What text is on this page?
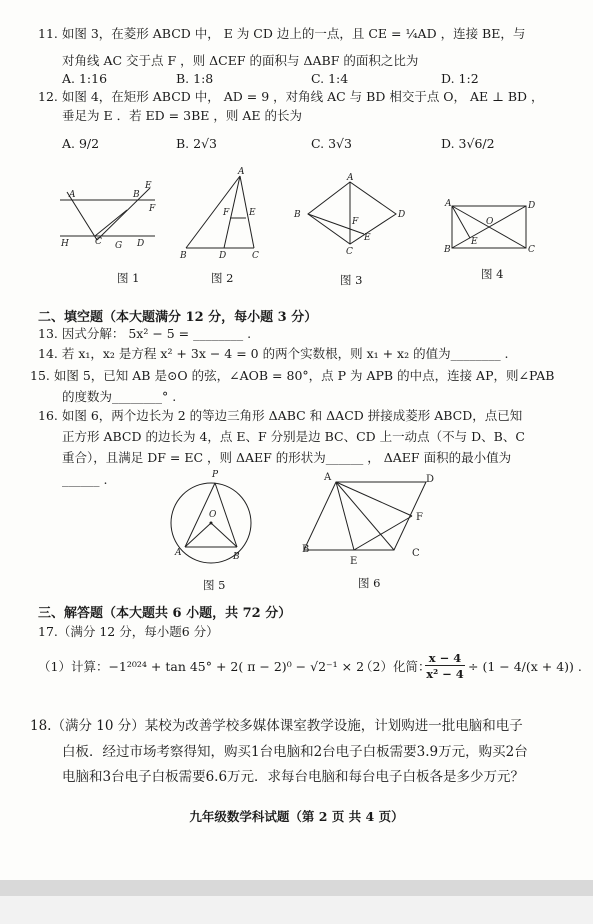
11. 如图 3，在菱形 ABCD 中， E 为 CD 边上的一点，且 CE = ¼AD ，连接 BE，与
对角线 AC 交于点 F ，则 ΔCEF 的面积与 ΔABF 的面积之比为
A. 1:16	B. 1:8	C. 1:4	D. 1:2
12. 如图 4，在矩形 ABCD 中， AD = 9 ，对角线 AC 与 BD 相交于点 O， AE ⊥ BD ，
垂足为 E ．若 ED = 3BE ，则 AE 的长为
A. 9/2	B. 2√3	C. 3√3	D. 3√6/2
A	B
E
F
H	C G D
A
F E
B	D	C
A
B	D
F
E
C
A	D
O
E
B	C
图 1	图 2	图 3	图 4
二、填空题（本大题满分 12 分，每小题 3 分）
13. 因式分解： 5x² − 5 = ________ .
14. 若 x₁，x₂ 是方程 x² + 3x − 4 = 0 的两个实数根，则 x₁ + x₂ 的值为________ .
15. 如图 5，已知 AB 是⊙O 的弦，∠AOB = 80°，点 P 为 APB 的中点，连接 AP，则∠PAB
的度数为________° .
16. 如图 6，两个边长为 2 的等边三角形 ΔABC 和 ΔACD 拼接成菱形 ABCD，点已知
正方形 ABCD 的边长为 4，点 E、F 分别是边 BC、CD 上一动点（不与 D、B、C
重合），且满足 DF = EC ，则 ΔAEF 的形状为______ ， ΔAEF 面积的最小值为
______ .	P
O
A	B
A	D
F
B
E
C
图 5	图 6
三、解答题（本大题共 6 小题，共 72 分）
17.（满分 12 分，每小题6 分）
（1）计算：−1²⁰²⁴ + tan 45° + 2( π − 2)⁰ − √2⁻¹ × 2
（2）化简：
x − 4
x² − 4 ÷ (1 − 4/(x + 4)) .
18.（满分 10 分）某校为改善学校多媒体课室教学设施，计划购进一批电脑和电子
白板．经过市场考察得知，购买1台电脑和2台电子白板需要3.9万元，购买2台
电脑和3台电子白板需要6.6万元．求每台电脑和每台电子白板各是多少万元？
九年级数学科试题（第 2 页 共 4 页）
